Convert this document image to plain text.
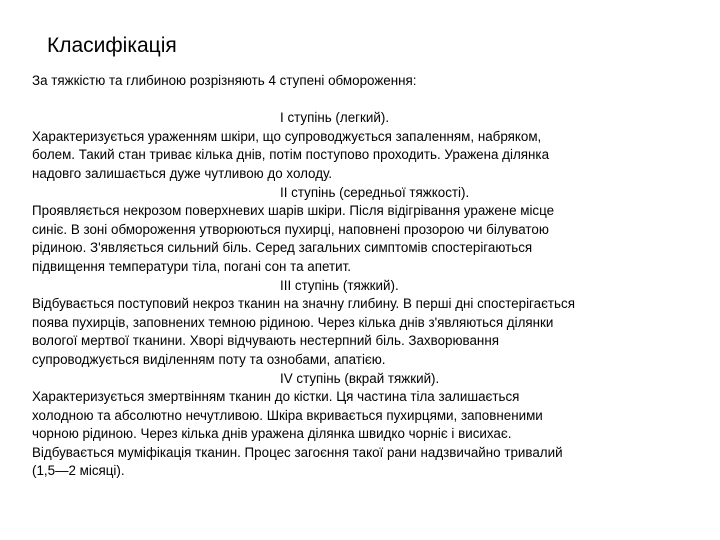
Класифікація
За тяжкістю та глибиною розрізняють 4 ступені обмороження:
І ступінь (легкий).
Характеризується ураженням шкіри, що супроводжується запаленням, набряком,
болем. Такий стан триває кілька днів, потім поступово проходить. Уражена ділянка
надовго залишається дуже чутливою до холоду.
ІІ ступінь (середньої тяжкості).
Проявляється некрозом поверхневих шарів шкіри. Після відігрівання уражене місце
синіє. В зоні обмороження утворюються пухирці, наповнені прозорою чи білуватою
рідиною. З'являється сильний біль. Серед загальних симптомів спостерігаються
підвищення температури тіла, погані сон та апетит.
ІІІ ступінь (тяжкий).
Відбувається поступовий некроз тканин на значну глибину. В перші дні спостерігається
поява пухирців, заповнених темною рідиною. Через кілька днів з'являються ділянки
вологої мертвої тканини. Хворі відчувають нестерпний біль. Захворювання
супроводжується виділенням поту та ознобами, апатією.
IV ступінь (вкрай тяжкий).
Характеризується змертвінням тканин до кістки. Ця частина тіла залишається
холодною та абсолютно нечутливою. Шкіра вкривається пухирцями, заповненими
чорною рідиною. Через кілька днів уражена ділянка швидко чорніє і висихає.
Відбувається муміфікація тканин. Процес загоєння такої рани надзвичайно тривалий
(1,5—2 місяці).
